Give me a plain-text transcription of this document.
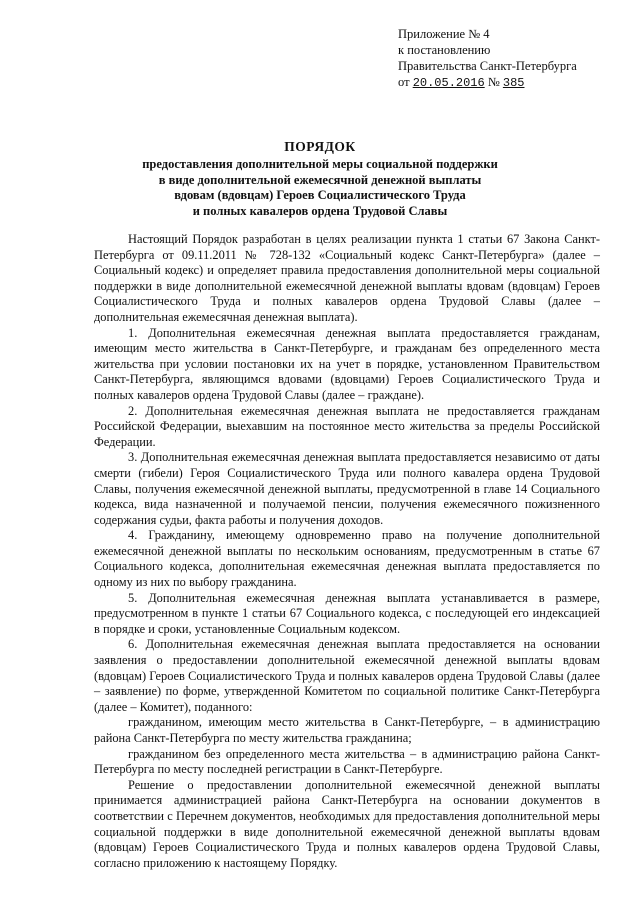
Приложение № 4
к постановлению
Правительства Санкт-Петербурга
от 20.05.2016 № 385
ПОРЯДОК
предоставления дополнительной меры социальной поддержки
в виде дополнительной ежемесячной денежной выплаты
вдовам (вдовцам) Героев Социалистического Труда
и полных кавалеров ордена Трудовой Славы

Настоящий Порядок разработан в целях реализации пункта 1 статьи 67 Закона Санкт-Петербурга от 09.11.2011 № 728-132 «Социальный кодекс Санкт-Петербурга» (далее – Социальный кодекс) и определяет правила предоставления дополнительной меры социальной поддержки в виде дополнительной ежемесячной денежной выплаты вдовам (вдовцам) Героев Социалистического Труда и полных кавалеров ордена Трудовой Славы (далее – дополнительная ежемесячная денежная выплата).

1. Дополнительная ежемесячная денежная выплата предоставляется гражданам, имеющим место жительства в Санкт-Петербурге, и гражданам без определенного места жительства при условии постановки их на учет в порядке, установленном Правительством Санкт-Петербурга, являющимся вдовами (вдовцами) Героев Социалистического Труда и полных кавалеров ордена Трудовой Славы (далее – граждане).

2. Дополнительная ежемесячная денежная выплата не предоставляется гражданам Российской Федерации, выехавшим на постоянное место жительства за пределы Российской Федерации.

3. Дополнительная ежемесячная денежная выплата предоставляется независимо от даты смерти (гибели) Героя Социалистического Труда или полного кавалера ордена Трудовой Славы, получения ежемесячной денежной выплаты, предусмотренной в главе 14 Социального кодекса, вида назначенной и получаемой пенсии, получения ежемесячного пожизненного содержания судьи, факта работы и получения доходов.

4. Гражданину, имеющему одновременно право на получение дополнительной ежемесячной денежной выплаты по нескольким основаниям, предусмотренным в статье 67 Социального кодекса, дополнительная ежемесячная денежная выплата предоставляется по одному из них по выбору гражданина.

5. Дополнительная ежемесячная денежная выплата устанавливается в размере, предусмотренном в пункте 1 статьи 67 Социального кодекса, с последующей его индексацией в порядке и сроки, установленные Социальным кодексом.

6. Дополнительная ежемесячная денежная выплата предоставляется на основании заявления о предоставлении дополнительной ежемесячной денежной выплаты вдовам (вдовцам) Героев Социалистического Труда и полных кавалеров ордена Трудовой Славы (далее – заявление) по форме, утвержденной Комитетом по социальной политике Санкт-Петербурга (далее – Комитет), поданного:

гражданином, имеющим место жительства в Санкт-Петербурге, – в администрацию района Санкт-Петербурга по месту жительства гражданина;

гражданином без определенного места жительства – в администрацию района Санкт-Петербурга по месту последней регистрации в Санкт-Петербурге.

Решение о предоставлении дополнительной ежемесячной денежной выплаты принимается администрацией района Санкт-Петербурга на основании документов в соответствии с Перечнем документов, необходимых для предоставления дополнительной меры социальной поддержки в виде дополнительной ежемесячной денежной выплаты вдовам (вдовцам) Героев Социалистического Труда и полных кавалеров ордена Трудовой Славы, согласно приложению к настоящему Порядку.
